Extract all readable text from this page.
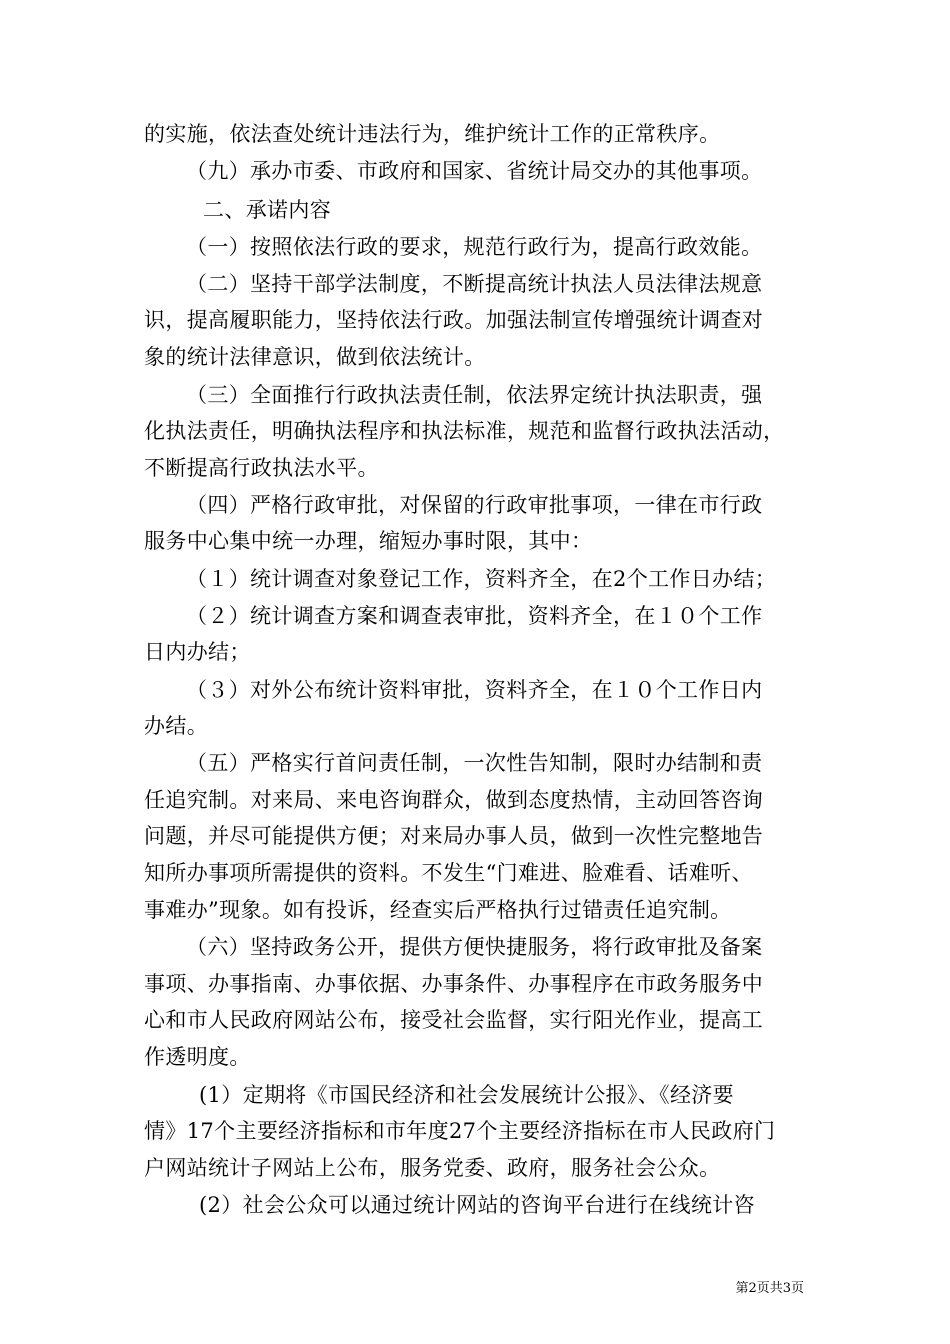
的实施，依法查处统计违法行为，维护统计工作的正常秩序。
（九）承办市委、市政府和国家、省统计局交办的其他事项。
二、承诺内容
（一）按照依法行政的要求，规范行政行为，提高行政效能。
（二）坚持干部学法制度，不断提高统计执法人员法律法规意
识，提高履职能力，坚持依法行政。加强法制宣传增强统计调查对
象的统计法律意识，做到依法统计。
（三）全面推行行政执法责任制，依法界定统计执法职责，强
化执法责任，明确执法程序和执法标准，规范和监督行政执法活动，
不断提高行政执法水平。
（四）严格行政审批，对保留的行政审批事项，一律在市行政
服务中心集中统一办理，缩短办事时限，其中：
（１）统计调查对象登记工作，资料齐全，在2个工作日办结；
（２）统计调查方案和调查表审批，资料齐全，在１０个工作
日内办结；
（３）对外公布统计资料审批，资料齐全，在１０个工作日内
办结。
（五）严格实行首问责任制，一次性告知制，限时办结制和责
任追究制。对来局、来电咨询群众，做到态度热情，主动回答咨询
问题，并尽可能提供方便；对来局办事人员，做到一次性完整地告
知所办事项所需提供的资料。不发生“门难进、脸难看、话难听、
事难办”现象。如有投诉，经查实后严格执行过错责任追究制。
（六）坚持政务公开，提供方便快捷服务，将行政审批及备案
事项、办事指南、办事依据、办事条件、办事程序在市政务服务中
心和市人民政府网站公布，接受社会监督，实行阳光作业，提高工
作透明度。
(1）定期将《市国民经济和社会发展统计公报》、《经济要
情》17个主要经济指标和市年度27个主要经济指标在市人民政府门
户网站统计子网站上公布，服务党委、政府，服务社会公众。
(2）社会公众可以通过统计网站的咨询平台进行在线统计咨
第2页共3页
